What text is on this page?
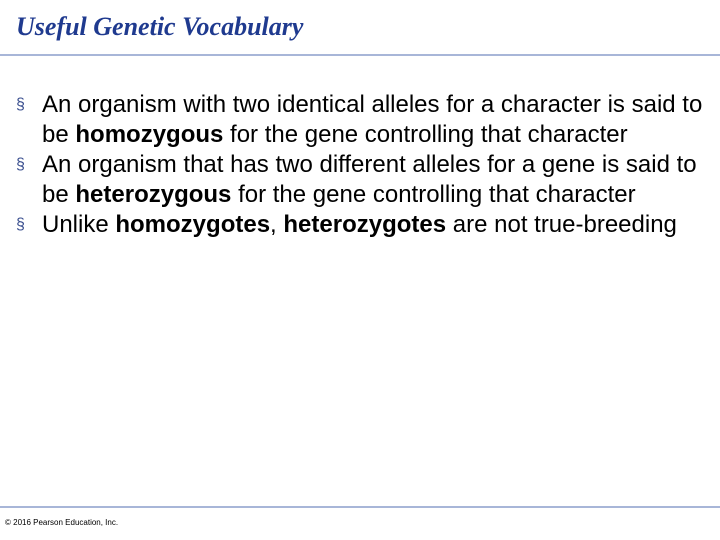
Useful Genetic Vocabulary
§ An organism with two identical alleles for a character is said to be homozygous for the gene controlling that character
§ An organism that has two different alleles for a gene is said to be heterozygous for the gene controlling that character
§ Unlike homozygotes, heterozygotes are not true-breeding
© 2016 Pearson Education, Inc.
